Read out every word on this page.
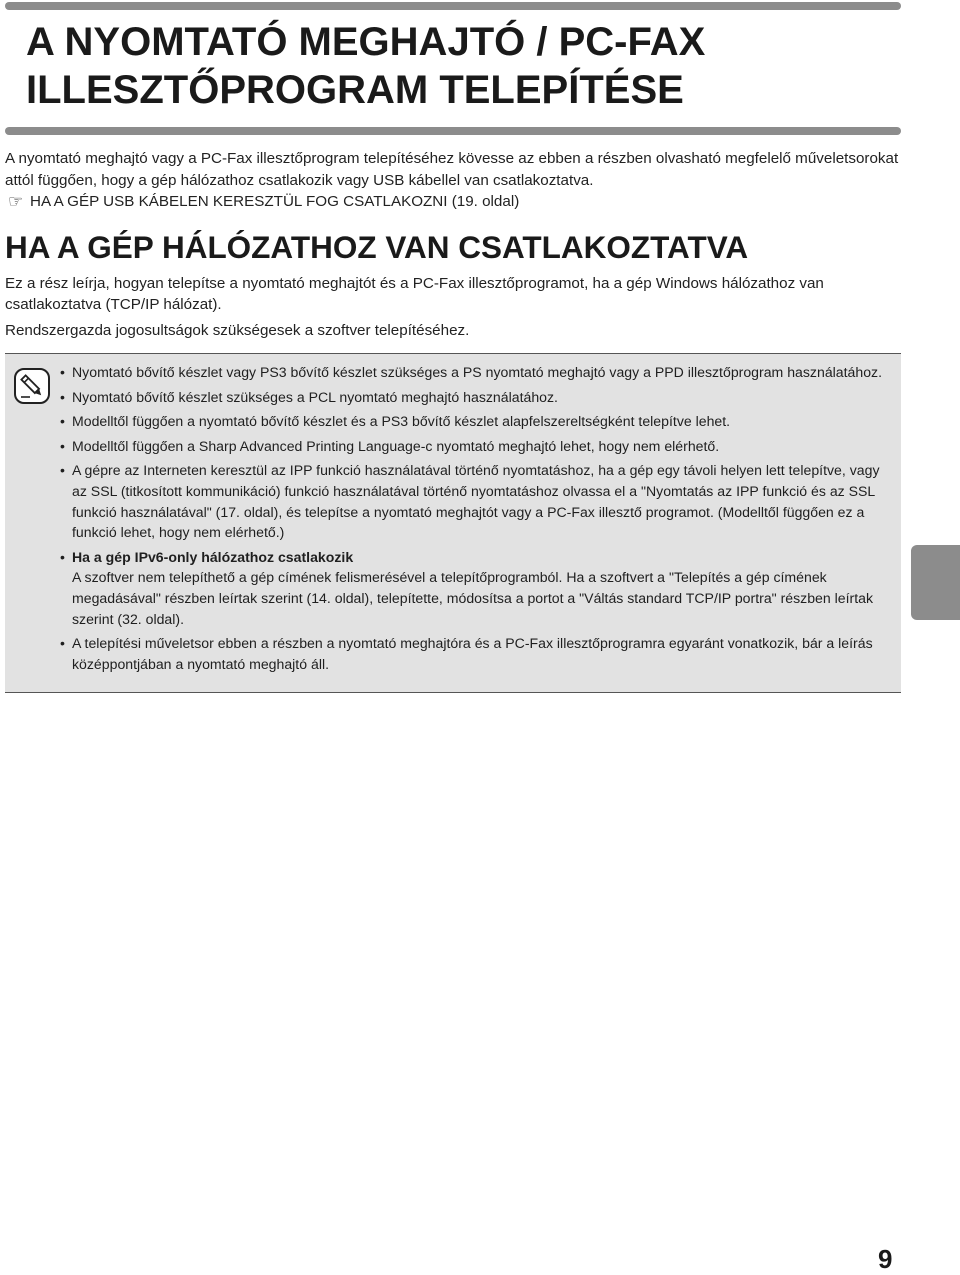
A NYOMTATÓ MEGHAJTÓ / PC-FAX
ILLESZTŐPROGRAM TELEPÍTÉSE

A nyomtató meghajtó vagy a PC-Fax illesztőprogram telepítéséhez kövesse az ebben a részben olvasható megfelelő műveletsorokat attól függően, hogy a gép hálózathoz csatlakozik vagy USB kábellel van csatlakoztatva.

☞ HA A GÉP USB KÁBELEN KERESZTÜL FOG CSATLAKOZNI (19. oldal)

HA A GÉP HÁLÓZATHOZ VAN CSATLAKOZTATVA

Ez a rész leírja, hogyan telepítse a nyomtató meghajtót és a PC-Fax illesztőprogramot, ha a gép Windows hálózathoz van csatlakoztatva (TCP/IP hálózat).

Rendszergazda jogosultságok szükségesek a szoftver telepítéséhez.

• Nyomtató bővítő készlet vagy PS3 bővítő készlet szükséges a PS nyomtató meghajtó vagy a PPD illesztőprogram használatához.
• Nyomtató bővítő készlet szükséges a PCL nyomtató meghajtó használatához.
• Modelltől függően a nyomtató bővítő készlet és a PS3 bővítő készlet alapfelszereltségként telepítve lehet.
• Modelltől függően a Sharp Advanced Printing Language-c nyomtató meghajtó lehet, hogy nem elérhető.
• A gépre az Interneten keresztül az IPP funkció használatával történő nyomtatáshoz, ha a gép egy távoli helyen lett telepítve, vagy az SSL (titkosított kommunikáció) funkció használatával történő nyomtatáshoz olvassa el a "Nyomtatás az IPP funkció és az SSL funkció használatával" (17. oldal), és telepítse a nyomtató meghajtót vagy a PC-Fax illesztő programot. (Modelltől függően ez a funkció lehet, hogy nem elérhető.)
• Ha a gép IPv6-only hálózathoz csatlakozik
A szoftver nem telepíthető a gép címének felismerésével a telepítőprogramból. Ha a szoftvert a "Telepítés a gép címének megadásával" részben leírtak szerint (14. oldal), telepítette, módosítsa a portot a "Váltás standard TCP/IP portra" részben leírtak szerint (32. oldal).
• A telepítési műveletsor ebben a részben a nyomtató meghajtóra és a PC-Fax illesztőprogramra egyaránt vonatkozik, bár a leírás középpontjában a nyomtató meghajtó áll.
9
